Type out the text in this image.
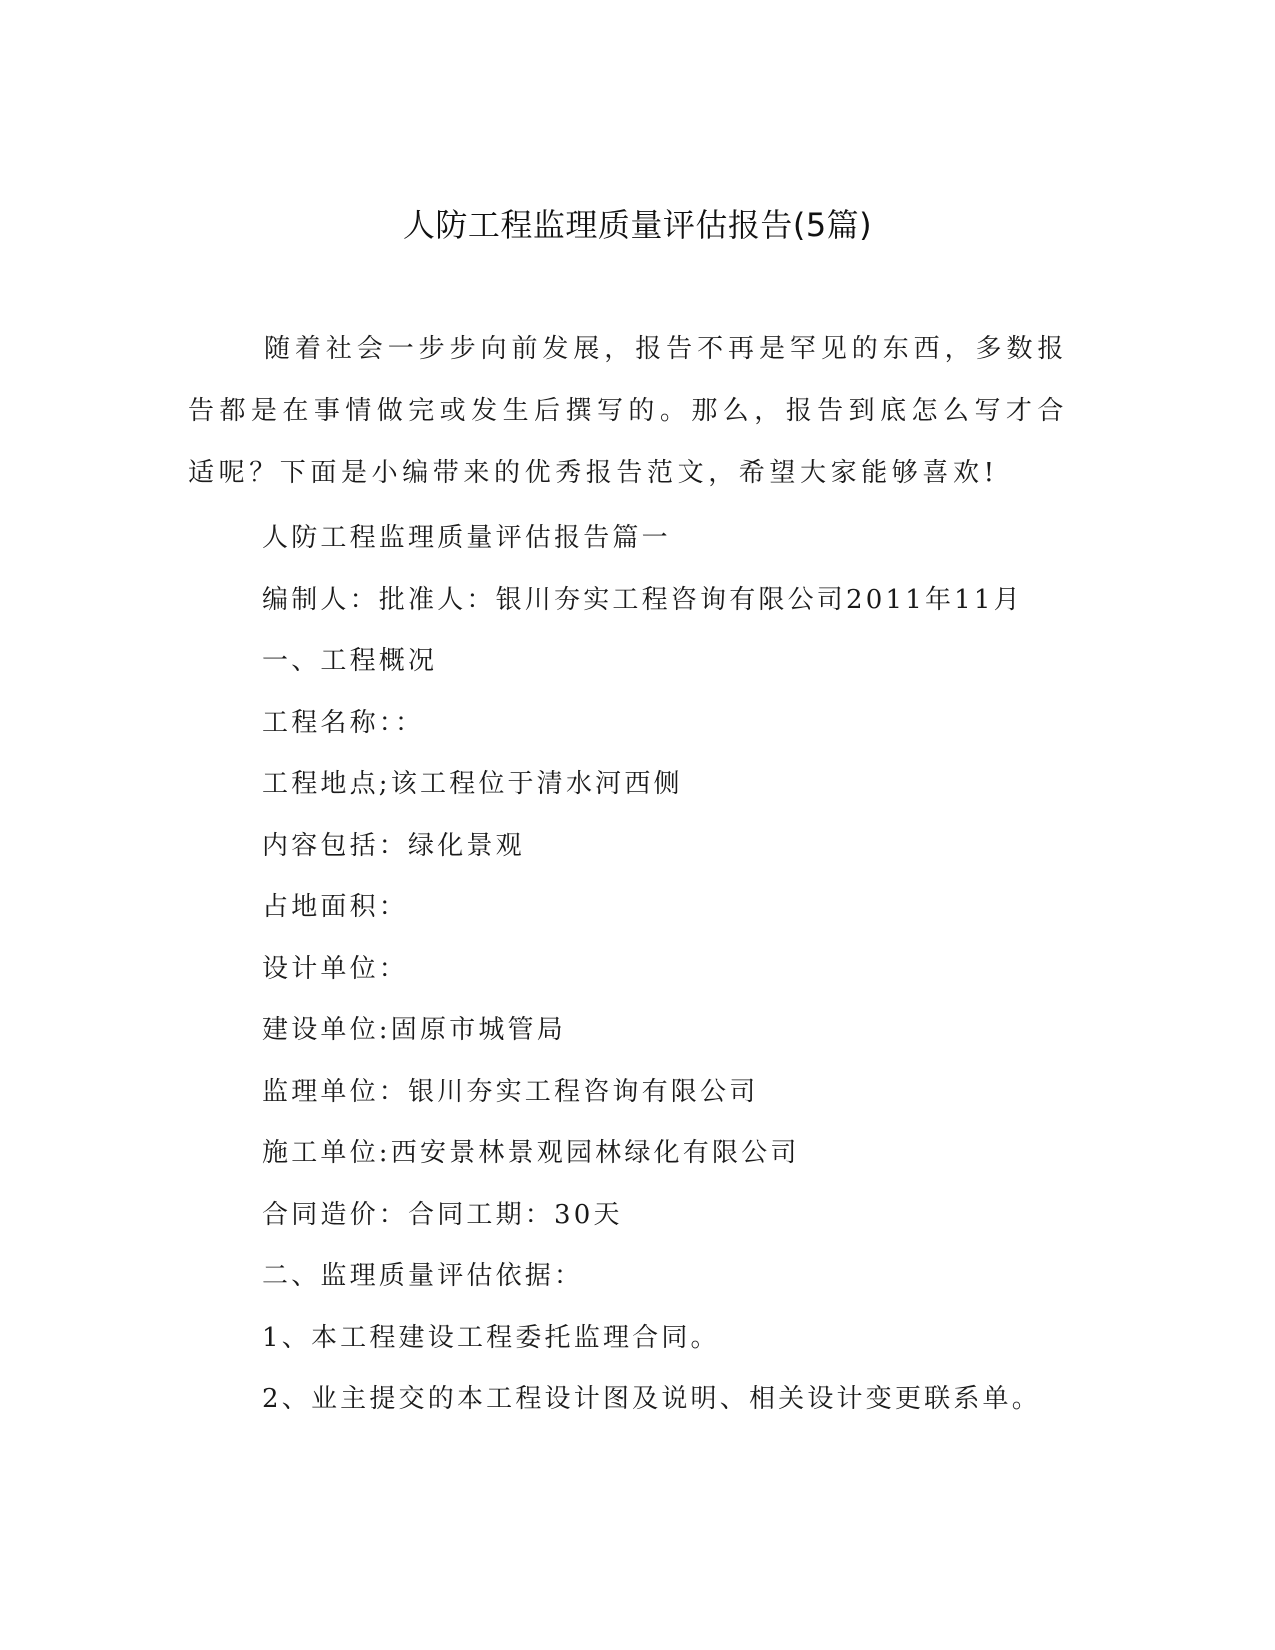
人防工程监理质量评估报告(5篇)

随着社会一步步向前发展，报告不再是罕见的东西，多数报告都是在事情做完或发生后撰写的。那么，报告到底怎么写才合适呢？下面是小编带来的优秀报告范文，希望大家能够喜欢!

人防工程监理质量评估报告篇一
编制人：批准人：银川夯实工程咨询有限公司2011年11月
一、工程概况
工程名称：：
工程地点;该工程位于清水河西侧
内容包括：绿化景观
占地面积：
设计单位：
建设单位:固原市城管局
监理单位：银川夯实工程咨询有限公司
施工单位:西安景林景观园林绿化有限公司
合同造价：合同工期：30天
二、监理质量评估依据：
1、本工程建设工程委托监理合同。
2、业主提交的本工程设计图及说明、相关设计变更联系单。
